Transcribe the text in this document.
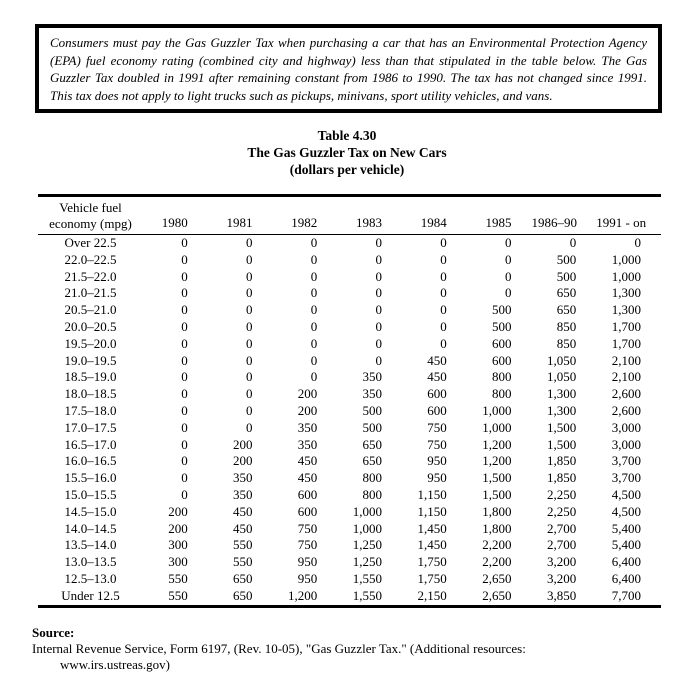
Consumers must pay the Gas Guzzler Tax when purchasing a car that has an Environmental Protection Agency (EPA) fuel economy rating (combined city and highway) less than that stipulated in the table below. The Gas Guzzler Tax doubled in 1991 after remaining constant from 1986 to 1990. The tax has not changed since 1991. This tax does not apply to light trucks such as pickups, minivans, sport utility vehicles, and vans.
Table 4.30
The Gas Guzzler Tax on New Cars
(dollars per vehicle)
Vehicle fuel
economy (mpg)	1980	1981	1982	1983	1984	1985	1986–90	1991 - on
Over 22.5	0	0	0	0	0	0	0	0
22.0–22.5	0	0	0	0	0	0	500	1,000
21.5–22.0	0	0	0	0	0	0	500	1,000
21.0–21.5	0	0	0	0	0	0	650	1,300
20.5–21.0	0	0	0	0	0	500	650	1,300
20.0–20.5	0	0	0	0	0	500	850	1,700
19.5–20.0	0	0	0	0	0	600	850	1,700
19.0–19.5	0	0	0	0	450	600	1,050	2,100
18.5–19.0	0	0	0	350	450	800	1,050	2,100
18.0–18.5	0	0	200	350	600	800	1,300	2,600
17.5–18.0	0	0	200	500	600	1,000	1,300	2,600
17.0–17.5	0	0	350	500	750	1,000	1,500	3,000
16.5–17.0	0	200	350	650	750	1,200	1,500	3,000
16.0–16.5	0	200	450	650	950	1,200	1,850	3,700
15.5–16.0	0	350	450	800	950	1,500	1,850	3,700
15.0–15.5	0	350	600	800	1,150	1,500	2,250	4,500
14.5–15.0	200	450	600	1,000	1,150	1,800	2,250	4,500
14.0–14.5	200	450	750	1,000	1,450	1,800	2,700	5,400
13.5–14.0	300	550	750	1,250	1,450	2,200	2,700	5,400
13.0–13.5	300	550	950	1,250	1,750	2,200	3,200	6,400
12.5–13.0	550	650	950	1,550	1,750	2,650	3,200	6,400
Under 12.5	550	650	1,200	1,550	2,150	2,650	3,850	7,700
Source:
Internal Revenue Service, Form 6197, (Rev. 10-05), "Gas Guzzler Tax." (Additional resources:
www.irs.ustreas.gov)
